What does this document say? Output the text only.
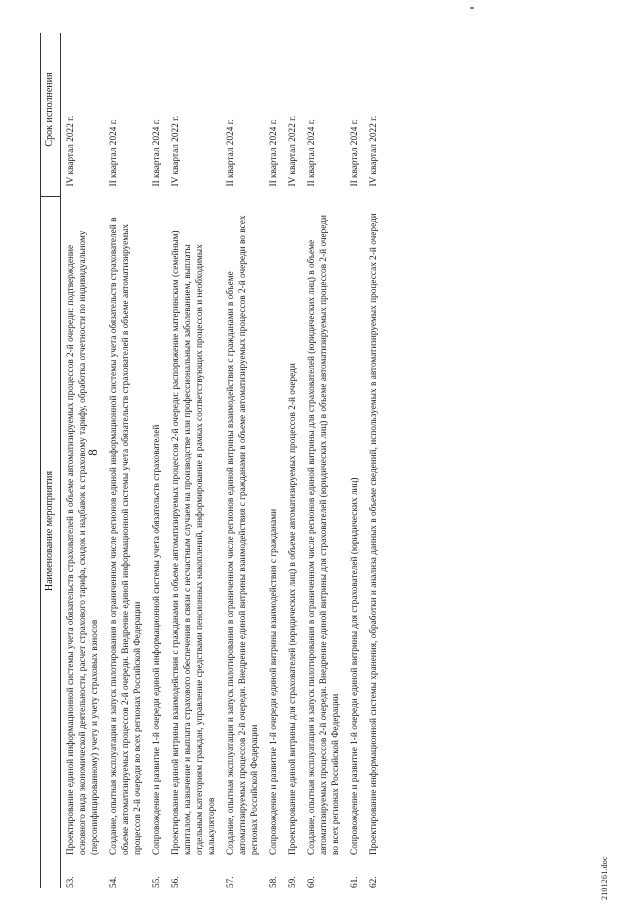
8
	Наименование мероприятия	Срок исполнения
53.	Проектирование единой информационной системы учета обязательств страхователей в объеме автоматизируемых процессов 2-й очереди: подтверждение основного вида экономической деятельности, расчет страхового тарифа, скидок и надбавок к страховому тарифу, обработка отчетности по индивидуальному (персонифицированному) учету и учету страховых взносов	IV квартал 2022 г.
54.	Создание, опытная эксплуатация и запуск пилотирования в ограниченном числе регионов единой информационной системы учета обязательств страхователей в объеме автоматизируемых процессов 2-й очереди. Внедрение единой информационной системы учета обязательств страхователей в объеме автоматизируемых процессов 2-й очереди во всех регионах Российской Федерации	II квартал 2024 г.
55.	Сопровождение и развитие 1-й очереди единой информационной системы учета обязательств страхователей	II квартал 2024 г.
56.	Проектирование единой витрины взаимодействия с гражданами в объеме автоматизируемых процессов 2-й очереди: распоряжение материнским (семейным) капиталом, назначение и выплата страхового обеспечения в связи с несчастным случаем на производстве или профессиональным заболеванием, выплаты отдельным категориям граждан, управление средствами пенсионных накоплений, информирование в рамках соответствующих процессов и необходимых калькуляторов	IV квартал 2022 г.
57.	Создание, опытная эксплуатация и запуск пилотирования в ограниченном числе регионов единой витрины взаимодействия с гражданами в объеме автоматизируемых процессов 2-й очереди. Внедрение единой витрины взаимодействия с гражданами в объеме автоматизируемых процессов 2-й очереди во всех регионах Российской Федерации	II квартал 2024 г.
58.	Сопровождение и развитие 1-й очереди единой витрины взаимодействия с гражданами	II квартал 2024 г.
59.	Проектирование единой витрины для страхователей (юридических лиц) в объеме автоматизируемых процессов 2-й очереди	IV квартал 2022 г.
60.	Создание, опытная эксплуатация и запуск пилотирования в ограниченном числе регионов единой витрины для страхователей (юридических лиц) в объеме автоматизируемых процессов 2-й очереди. Внедрение единой витрины для страхователей (юридических лиц) в объеме автоматизируемых процессов 2-й очереди во всех регионах Российской Федерации	II квартал 2024 г.
61.	Сопровождение и развитие 1-й очереди единой витрины для страхователей (юридических лиц)	II квартал 2024 г.
62.	Проектирование информационной системы хранения, обработки и анализа данных в объеме сведений, используемых в автоматизируемых процессах 2-й очереди	IV квартал 2022 г.
2101261.doc
